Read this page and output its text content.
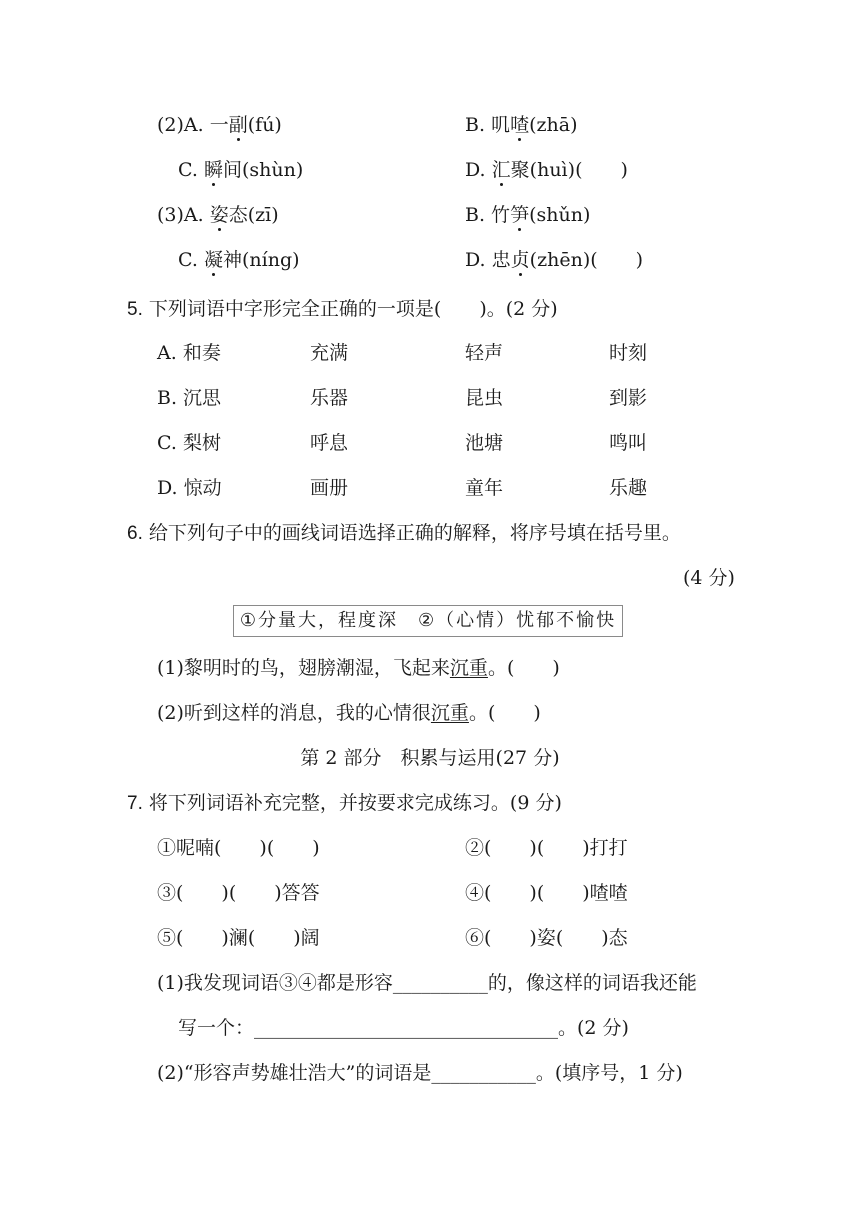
(2)A. 一副(fú)	B. 叽喳(zhā)
C. 瞬间(shùn)	D. 汇聚(huì)(　　)
(3)A. 姿态(zī)	B. 竹笋(shǔn)
C. 凝神(níng)	D. 忠贞(zhēn)(　　)
5. 下列词语中字形完全正确的一项是(　　)。(2 分)
A. 和奏	充满	轻声	时刻
B. 沉思	乐器	昆虫	到影
C. 梨树	呼息	池塘	鸣叫
D. 惊动	画册	童年	乐趣
6. 给下列句子中的画线词语选择正确的解释，将序号填在括号里。
(4 分)
①分量大，程度深　②（心情）忧郁不愉快
(1)黎明时的鸟，翅膀潮湿，飞起来沉重。(　　)
(2)听到这样的消息，我的心情很沉重。(　　)
第 2 部分　积累与运用(27 分)
7. 将下列词语补充完整，并按要求完成练习。(9 分)
①呢喃(　　)(　　)	②(　　)(　　)打打
③(　　)(　　)答答	④(　　)(　　)喳喳
⑤(　　)澜(　　)阔	⑥(　　)姿(　　)态
(1)我发现词语③④都是形容__________的，像这样的词语我还能
写一个：________________________________。(2 分)
(2)“形容声势雄壮浩大”的词语是___________。(填序号，1 分)
